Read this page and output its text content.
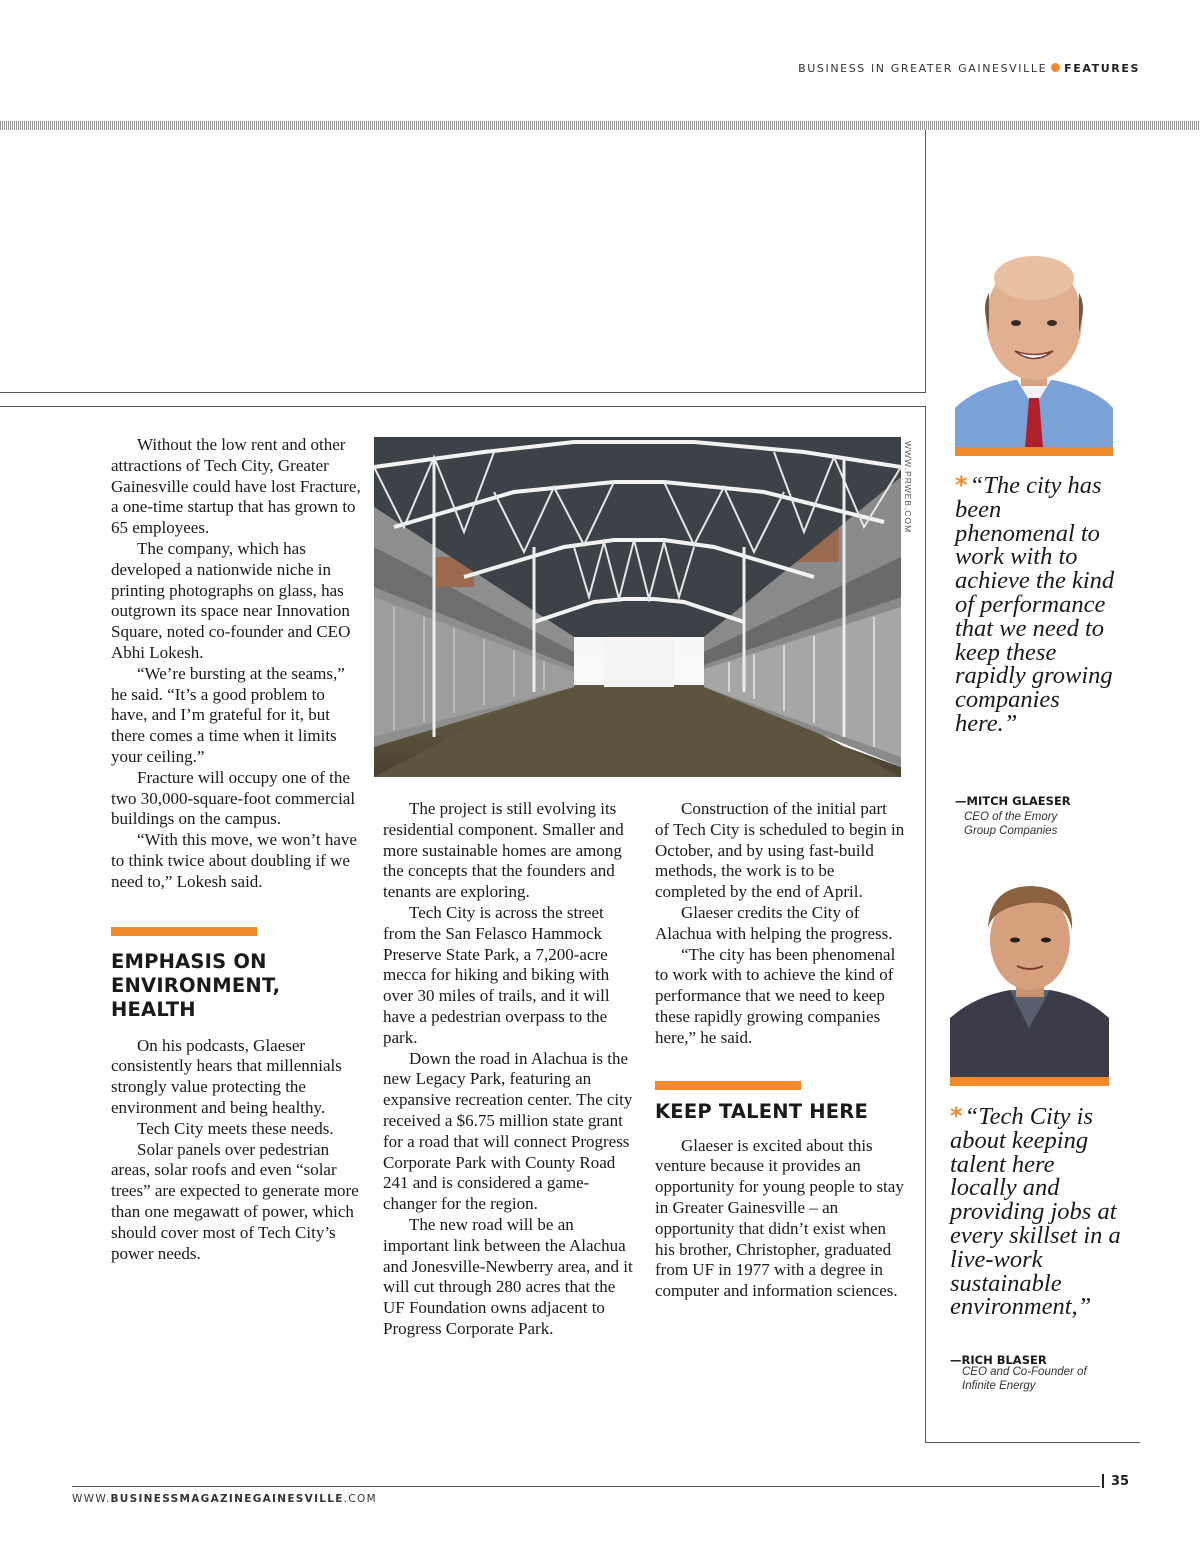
BUSINESS IN GREATER GAINESVILLE FEATURES

Without the low rent and other attractions of Tech City, Greater Gainesville could have lost Fracture, a one-time startup that has grown to 65 employees.

The company, which has developed a nationwide niche in printing photographs on glass, has outgrown its space near Innovation Square, noted co-founder and CEO Abhi Lokesh.

“We’re bursting at the seams,” he said. “It’s a good problem to have, and I’m grateful for it, but there comes a time when it limits your ceiling.”

Fracture will occupy one of the two 30,000-square-foot commercial buildings on the campus.

“With this move, we won’t have to think twice about doubling if we need to,” Lokesh said.

EMPHASIS ON ENVIRONMENT, HEALTH

On his podcasts, Glaeser consistently hears that millennials strongly value protecting the environment and being healthy.

Tech City meets these needs.

Solar panels over pedestrian areas, solar roofs and even “solar trees” are expected to generate more than one megawatt of power, which should cover most of Tech City’s power needs.

WWW.PRWEB.COM

The project is still evolving its residential component. Smaller and more sustainable homes are among the concepts that the founders and tenants are exploring.

Tech City is across the street from the San Felasco Hammock Preserve State Park, a 7,200-acre mecca for hiking and biking with over 30 miles of trails, and it will have a pedestrian overpass to the park.

Down the road in Alachua is the new Legacy Park, featuring an expansive recreation center. The city received a $6.75 million state grant for a road that will connect Progress Corporate Park with County Road 241 and is considered a game-changer for the region.

The new road will be an important link between the Alachua and Jonesville-Newberry area, and it will cut through 280 acres that the UF Foundation owns adjacent to Progress Corporate Park.

Construction of the initial part of Tech City is scheduled to begin in October, and by using fast-build methods, the work is to be completed by the end of April.

Glaeser credits the City of Alachua with helping the progress.

“The city has been phenomenal to work with to achieve the kind of performance that we need to keep these rapidly growing companies here,” he said.

KEEP TALENT HERE

Glaeser is excited about this venture because it provides an opportunity for young people to stay in Greater Gainesville – an opportunity that didn’t exist when his brother, Christopher, graduated from UF in 1977 with a degree in computer and information sciences.

*“The city has been phenomenal to work with to achieve the kind of performance that we need to keep these rapidly growing companies here.”
—MITCH GLAESER
CEO of the Emory Group Companies
*“Tech City is about keeping talent here locally and providing jobs at every skillset in a live-work sustainable environment,”
—RICH BLASER
CEO and Co-Founder of Infinite Energy
35
WWW.BUSINESSMAGAZINEGAINESVILLE.COM
